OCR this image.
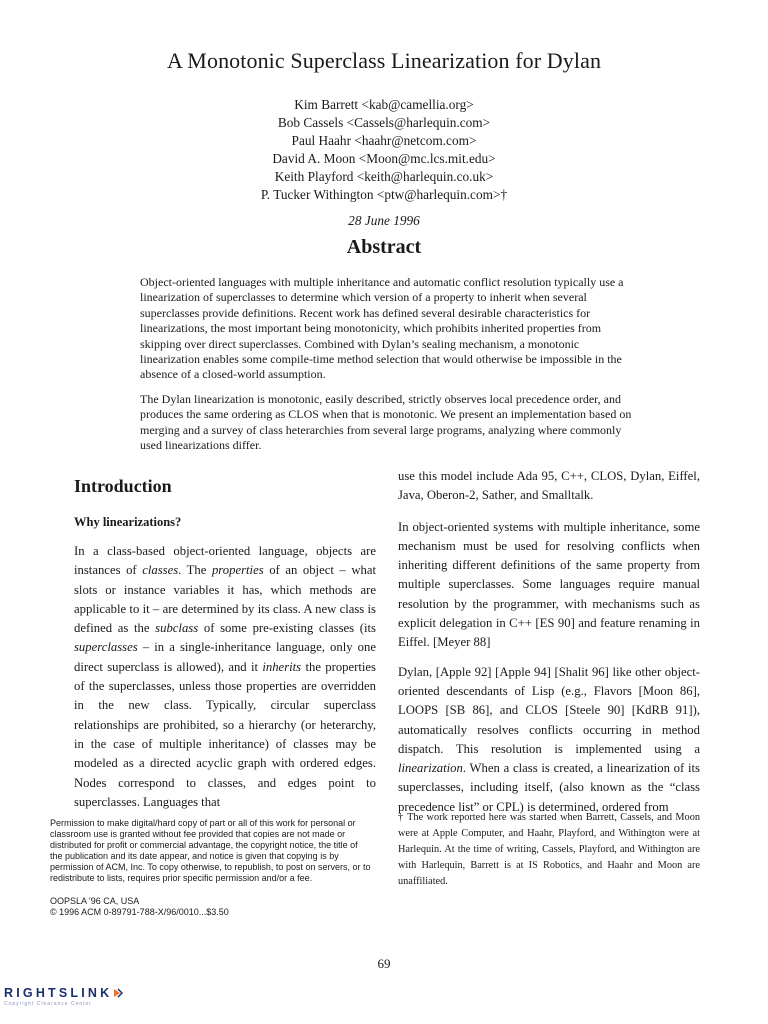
A Monotonic Superclass Linearization for Dylan
Kim Barrett <kab@camellia.org>
Bob Cassels <Cassels@harlequin.com>
Paul Haahr <haahr@netcom.com>
David A. Moon <Moon@mc.lcs.mit.edu>
Keith Playford <keith@harlequin.co.uk>
P. Tucker Withington <ptw@harlequin.com>†
28 June 1996
Abstract

Object-oriented languages with multiple inheritance and automatic conflict resolution typically use a linearization of superclasses to determine which version of a property to inherit when several superclasses provide definitions. Recent work has defined several desirable characteristics for linearizations, the most important being monotonicity, which prohibits inherited properties from skipping over direct superclasses. Combined with Dylan’s sealing mechanism, a monotonic linearization enables some compile-time method selection that would otherwise be impossible in the absence of a closed-world assumption.

The Dylan linearization is monotonic, easily described, strictly observes local precedence order, and produces the same ordering as CLOS when that is monotonic. We present an implementation based on merging and a survey of class heterarchies from several large programs, analyzing where commonly used linearizations differ.

Introduction
Why linearizations?

In a class-based object-oriented language, objects are instances of classes. The properties of an object – what slots or instance variables it has, which methods are applicable to it – are determined by its class. A new class is defined as the subclass of some pre-existing classes (its superclasses – in a single-inheritance language, only one direct superclass is allowed), and it inherits the properties of the superclasses, unless those properties are overridden in the new class. Typically, circular superclass relationships are prohibited, so a hierarchy (or heterarchy, in the case of multiple inheritance) of classes may be modeled as a directed acyclic graph with ordered edges. Nodes correspond to classes, and edges point to superclasses. Languages that

use this model include Ada 95, C++, CLOS, Dylan, Eiffel, Java, Oberon-2, Sather, and Smalltalk.

In object-oriented systems with multiple inheritance, some mechanism must be used for resolving conflicts when inheriting different definitions of the same property from multiple superclasses. Some languages require manual resolution by the programmer, with mechanisms such as explicit delegation in C++ [ES 90] and feature renaming in Eiffel. [Meyer 88]

Dylan, [Apple 92] [Apple 94] [Shalit 96] like other object-oriented descendants of Lisp (e.g., Flavors [Moon 86], LOOPS [SB 86], and CLOS [Steele 90] [KdRB 91]), automatically resolves conflicts occurring in method dispatch. This resolution is implemented using a linearization. When a class is created, a linearization of its superclasses, including itself, (also known as the “class precedence list” or CPL) is determined, ordered from

Permission to make digital/hard copy of part or all of this work for personal or classroom use is granted without fee provided that copies are not made or distributed for profit or commercial advantage, the copyright notice, the title of the publication and its date appear, and notice is given that copying is by permission of ACM, Inc. To copy otherwise, to republish, to post on servers, or to redistribute to lists, requires prior specific permission and/or a fee.

OOPSLA '96 CA, USA
© 1996 ACM 0-89791-788-X/96/0010...$3.50
† The work reported here was started when Barrett, Cassels, and Moon were at Apple Computer, and Haahr, Playford, and Withington were at Harlequin. At the time of writing, Cassels, Playford, and Withington are with Harlequin, Barrett is at IS Robotics, and Haahr and Moon are unaffiliated.
69
RIGHTSLINK
Copyright Clearance Center
